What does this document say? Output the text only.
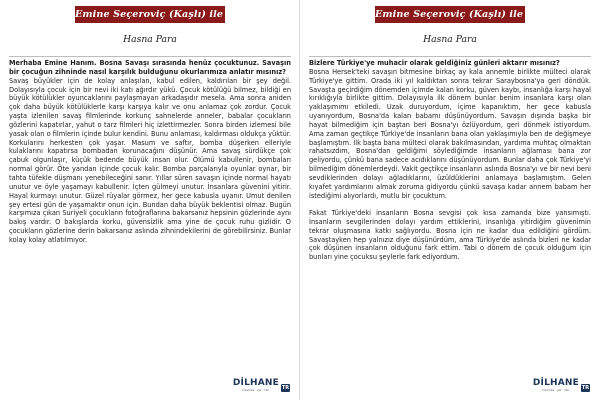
Emine Seçeroviç (Kaşlı) ile Söyleşi
Hasna Para

Merhaba Emine Hanım. Bosna Savaşı sırasında henüz çocuktunuz. Savaşın bir çocuğun zihninde nasıl karşılık bulduğunu okurlarımıza anlatır mısınız?

Savaş büyükler için de kolay anlaşılan, kabul edilen, kaldırılan bir şey değil. Dolayısıyla çocuk için bir nevi iki katı ağırdır yükü. Çocuk kötülüğü bilmez, bildiği en büyük kötülükler oyuncaklarını paylaşmayan arkadaşıdır mesela. Ama sonra aniden çok daha büyük kötülüklerle karşı karşıya kalır ve onu anlamaz çok zordur. Çocuk yaşta izlenilen savaş filmlerinde korkunç sahnelerde anneler, babalar çocukların gözlerini kapatırlar, yahut o tarz filmleri hiç izlettirmezler. Sonra birden izlemesi bile yasak olan o filmlerin içinde bulur kendini. Bunu anlaması, kaldırması oldukça yüktür. Korkularını herkesten çok yaşar. Masum ve saftır, bomba düşerken elleriyle kulaklarını kapatırsa bombadan korunacağını düşünür. Ama savaş sürdükçe çok çabuk olgunlaşır, küçük bedende büyük insan olur. Ölümü kabullenir, bombaları normal görür. Öte yandan içinde çocuk kalır. Bomba parçalarıyla oyunlar oynar, bir tahta tüfekle düşmanı yenebileceğini sanır. Yıllar süren savaşın içinde normal hayatı unutur ve öyle yaşamayı kabullenir. İçten gülmeyi unutur. İnsanlara güvenini yitirir. Hayal kurmayı unutur. Güzel rüyalar görmez, her gece kabusla uyanır. Umut denilen şey ertesi gün de yaşamaktır onun için. Bundan daha büyük beklentisi olmaz. Bugün karşımıza çıkan Suriyeli çocukların fotoğraflarına bakarsanız hepsinin gözlerinde aynı bakış vardır. O bakışlarda korku, güvensizlik ama yine de çocuk ruhu gizlidir. O çocukların gözlerine derin bakarsanız aslında zihnindekilerini de görebilirsiniz. Bunlar kolay kolay atlatılmıyor.

DİLHANE
mevhibe · gül · ölür	TR
Emine Seçeroviç (Kaşlı) ile Söyleşi
Hasna Para

Bizlere Türkiye'ye muhacir olarak geldiğiniz günleri aktarır mısınız?

Bosna Hersek'teki savaşın bitmesine birkaç ay kala annemle birlikte mülteci olarak Türkiye'ye gittim. Orada iki yıl kaldıktan sonra tekrar Saraybosna'ya geri döndük. Savaşta geçirdiğim dönemden içimde kalan korku, güven kaybı, insanlığa karşı hayal kırıklığıyla birlikte gittim. Dolayısıyla ilk dönem bunlar benim insanlara karşı olan yaklaşımımı etkiledi. Uzak duruyordum, içime kapanıktım, her gece kabusla uyanıyordum, Bosna'da kalan babamı düşünüyordum. Savaşın dışında başka bir hayat bilmediğim için baştan beri Bosna'yı özlüyordum, geri dönmek istiyordum. Ama zaman geçtikçe Türkiye'de insanların bana olan yaklaşımıyla ben de değişmeye başlamıştım. İlk başta bana mülteci olarak bakılmasından, yardıma muhtaç olmaktan rahatsızdım, Bosna'dan geldiğimi söylediğimde insanların ağlaması bana zor geliyordu, çünkü bana sadece acıdıklarını düşünüyordum. Bunlar daha çok Türkiye'yi bilmediğim dönemlerdeydi. Vakit geçtikçe insanların aslında Bosna'yı ve bir nevi beni sevdiklerinden dolayı ağladıklarını, üzüldüklerini anlamaya başlamıştım. Gelen kıyafet yardımlarını almak zoruma gidiyordu çünkü savaşa kadar annem babam her istediğimi alıyorlardı, mutlu bir çocuktum.

Fakat Türkiye'deki insanların Bosna sevgisi çok kısa zamanda bize yansımıştı. İnsanların sevgilerinden dolayı yardım ettiklerini, insanlığa yitirdiğim güvenimin tekrar oluşmasına katkı sağlıyordu. Bosna için ne kadar dua edildiğini gördüm. Savaştayken hep yalnızız diye düşünürdüm, ama Türkiye'de aslında bizleri ne kadar çok düşünen insanların olduğunu fark ettim. Tabi o dönem de çocuk olduğum için bunları yine çocuksu şeylerle fark ediyordum.

DİLHANE
mevhibe · gül · ölür	TR
